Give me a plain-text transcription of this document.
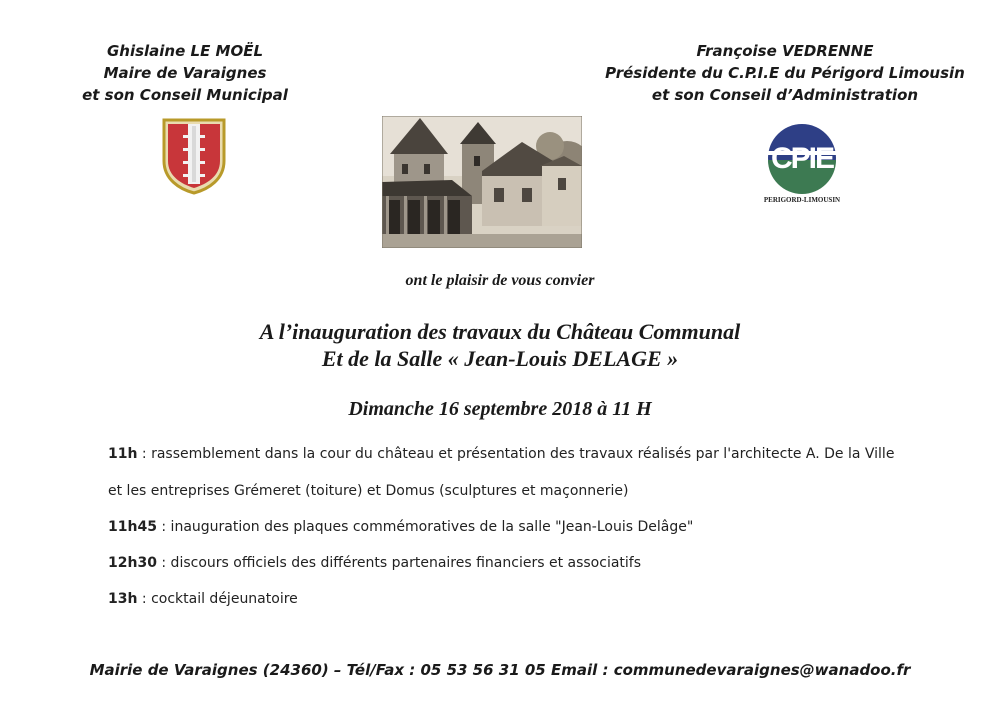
Ghislaine LE MOËL
Maire de Varaignes
et son Conseil Municipal
Françoise VEDRENNE
Présidente du C.P.I.E du Périgord Limousin
et son Conseil d’Administration
CPIE
PERIGORD-LIMOUSIN
ont le plaisir de vous convier
A l’inauguration des travaux du Château Communal
Et de la Salle « Jean-Louis DELAGE »
Dimanche 16 septembre 2018 à 11 H
11h : rassemblement dans la cour du château et présentation des travaux réalisés par l'architecte A. De la Ville
et les entreprises Grémeret (toiture) et Domus (sculptures et maçonnerie)
11h45 : inauguration des plaques commémoratives de la salle "Jean-Louis Delâge"
12h30 : discours officiels des différents partenaires financiers et associatifs
13h : cocktail déjeunatoire
Mairie de Varaignes (24360) – Tél/Fax : 05 53 56 31 05 Email : communedevaraignes@wanadoo.fr
